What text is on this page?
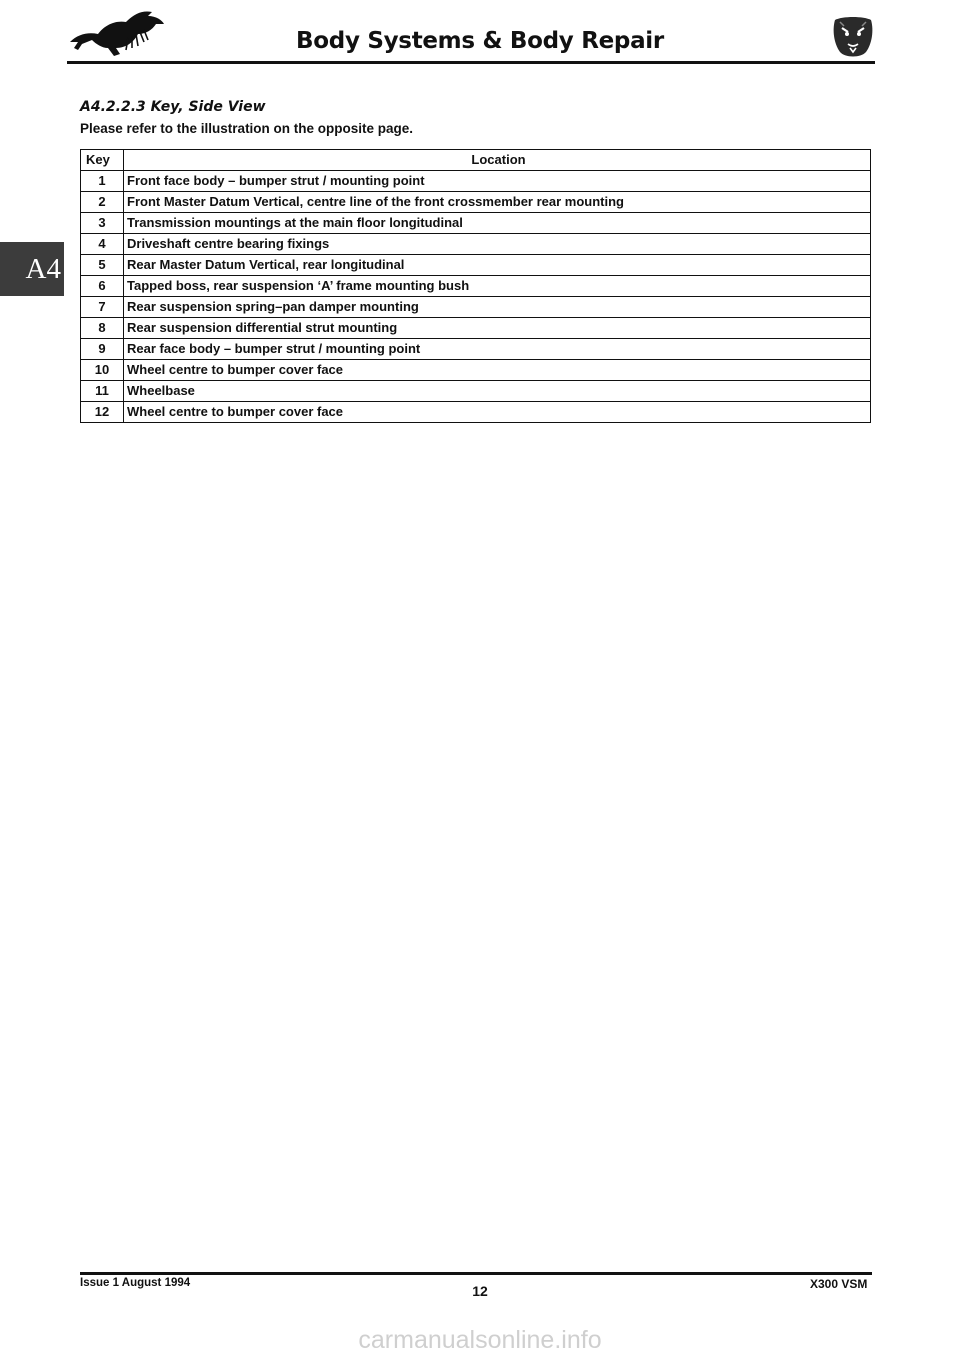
Body Systems & Body Repair
A4
A4.2.2.3 Key, Side View
Please refer to the illustration on the opposite page.
Key	Location
1	Front face body – bumper strut / mounting point
2	Front Master Datum Vertical, centre line of the front crossmember rear mounting
3	Transmission mountings at the main floor longitudinal
4	Driveshaft centre bearing fixings
5	Rear Master Datum Vertical, rear longitudinal
6	Tapped boss, rear suspension ‘A’ frame mounting bush
7	Rear suspension spring–pan damper mounting
8	Rear suspension differential strut mounting
9	Rear face body – bumper strut / mounting point
10	Wheel centre to bumper cover face
11	Wheelbase
12	Wheel centre to bumper cover face
Issue 1 August 1994	12	X300 VSM
carmanualsonline.info
